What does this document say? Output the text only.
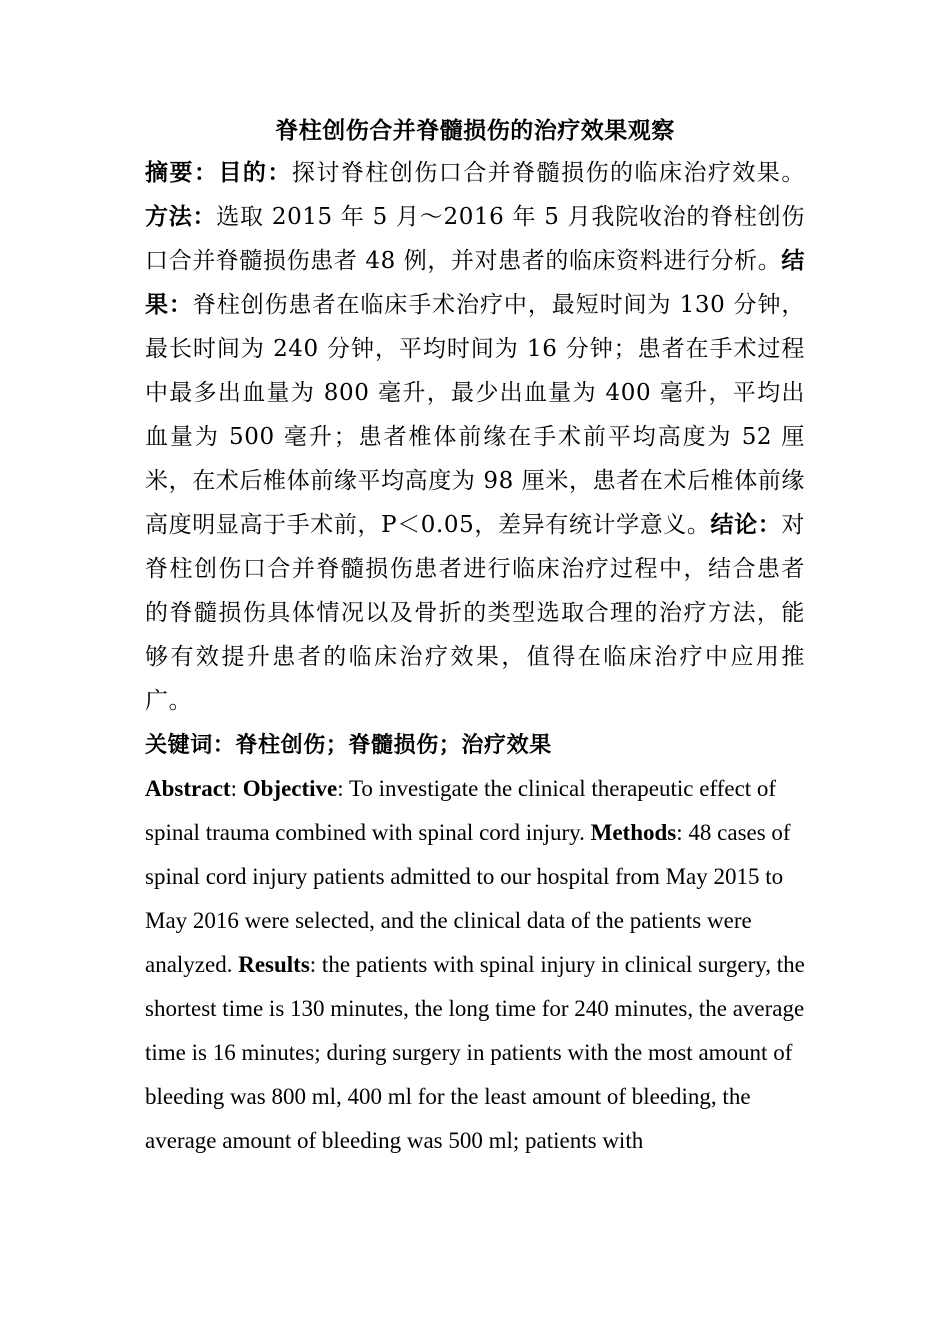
脊柱创伤合并脊髓损伤的治疗效果观察

摘要：目的：探讨脊柱创伤口合并脊髓损伤的临床治疗效果。方法：选取 2015 年 5 月～2016 年 5 月我院收治的脊柱创伤口合并脊髓损伤患者 48 例，并对患者的临床资料进行分析。结果：脊柱创伤患者在临床手术治疗中，最短时间为 130 分钟，最长时间为 240 分钟，平均时间为 16 分钟；患者在手术过程中最多出血量为 800 毫升，最少出血量为 400 毫升，平均出血量为 500 毫升；患者椎体前缘在手术前平均高度为 52 厘米，在术后椎体前缘平均高度为 98 厘米，患者在术后椎体前缘高度明显高于手术前，P＜0.05，差异有统计学意义。结论：对脊柱创伤口合并脊髓损伤患者进行临床治疗过程中，结合患者的脊髓损伤具体情况以及骨折的类型选取合理的治疗方法，能够有效提升患者的临床治疗效果，值得在临床治疗中应用推广。

关键词：脊柱创伤；脊髓损伤；治疗效果

Abstract: Objective: To investigate the clinical therapeutic effect of spinal trauma combined with spinal cord injury. Methods: 48 cases of spinal cord injury patients admitted to our hospital from May 2015 to May 2016 were selected, and the clinical data of the patients were analyzed. Results: the patients with spinal injury in clinical surgery, the shortest time is 130 minutes, the long time for 240 minutes, the average time is 16 minutes; during surgery in patients with the most amount of bleeding was 800 ml, 400 ml for the least amount of bleeding, the average amount of bleeding was 500 ml; patients with
